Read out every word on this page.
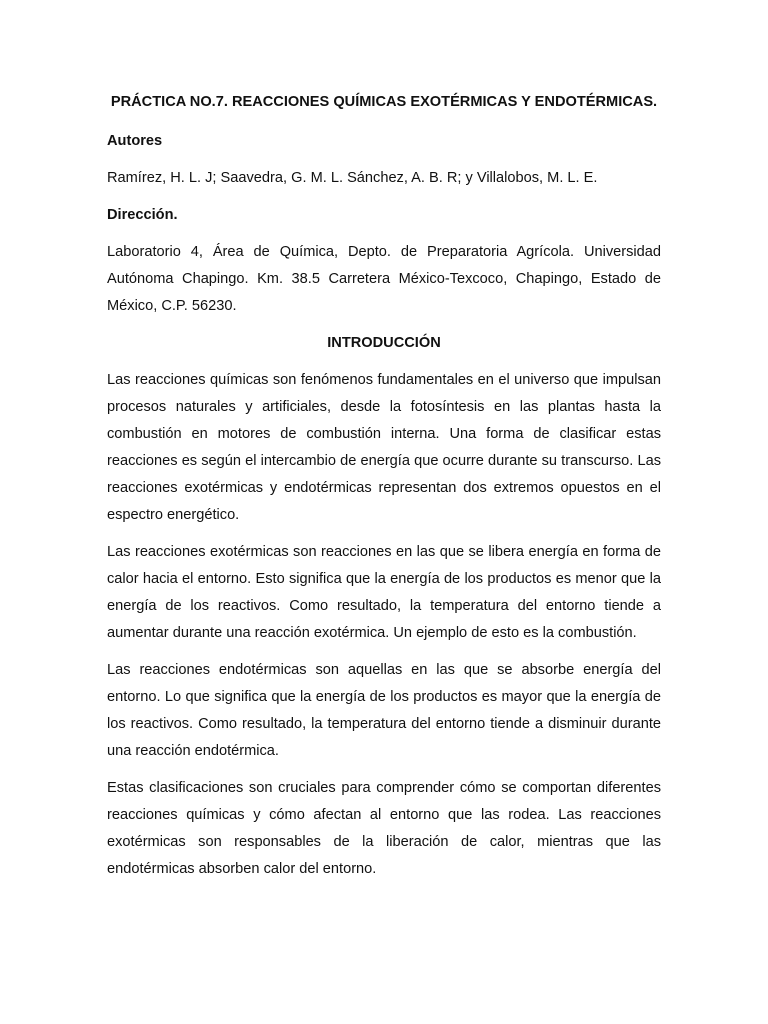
PRÁCTICA NO.7. REACCIONES QUÍMICAS EXOTÉRMICAS Y ENDOTÉRMICAS.

Autores

Ramírez, H. L. J; Saavedra, G. M. L. Sánchez, A. B. R; y Villalobos, M. L. E.

Dirección.

Laboratorio 4, Área de Química, Depto. de Preparatoria Agrícola. Universidad Autónoma Chapingo. Km. 38.5 Carretera México-Texcoco, Chapingo, Estado de México, C.P. 56230.

INTRODUCCIÓN

Las reacciones químicas son fenómenos fundamentales en el universo que impulsan procesos naturales y artificiales, desde la fotosíntesis en las plantas hasta la combustión en motores de combustión interna. Una forma de clasificar estas reacciones es según el intercambio de energía que ocurre durante su transcurso. Las reacciones exotérmicas y endotérmicas representan dos extremos opuestos en el espectro energético.

Las reacciones exotérmicas son reacciones en las que se libera energía en forma de calor hacia el entorno. Esto significa que la energía de los productos es menor que la energía de los reactivos. Como resultado, la temperatura del entorno tiende a aumentar durante una reacción exotérmica. Un ejemplo de esto es la combustión.

Las reacciones endotérmicas son aquellas en las que se absorbe energía del entorno. Lo que significa que la energía de los productos es mayor que la energía de los reactivos. Como resultado, la temperatura del entorno tiende a disminuir durante una reacción endotérmica.

Estas clasificaciones son cruciales para comprender cómo se comportan diferentes reacciones químicas y cómo afectan al entorno que las rodea. Las reacciones exotérmicas son responsables de la liberación de calor, mientras que las endotérmicas absorben calor del entorno.
